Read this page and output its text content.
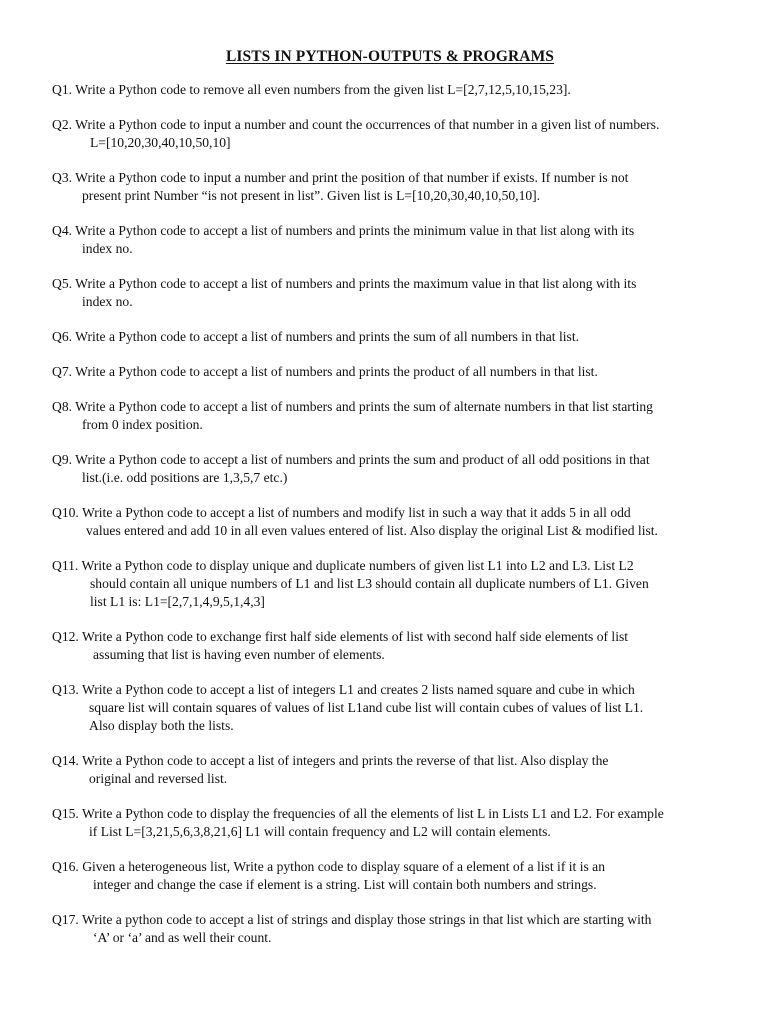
LISTS IN PYTHON-OUTPUTS & PROGRAMS
Q1. Write a Python code to remove all even numbers from the given list L=[2,7,12,5,10,15,23].
Q2. Write a Python code to input a number and count the occurrences of that number in a given list of numbers.
L=[10,20,30,40,10,50,10]
Q3. Write a Python code to input a number and print the position of that number if exists. If number is not
present print Number “is not present in list”. Given list is L=[10,20,30,40,10,50,10].
Q4. Write a Python code to accept a list of numbers and prints the minimum value in that list along with its
index no.
Q5. Write a Python code to accept a list of numbers and prints the maximum value in that list along with its
index no.
Q6. Write a Python code to accept a list of numbers and prints the sum of all numbers in that list.
Q7. Write a Python code to accept a list of numbers and prints the product of all numbers in that list.
Q8. Write a Python code to accept a list of numbers and prints the sum of alternate numbers in that list starting
from 0 index position.
Q9. Write a Python code to accept a list of numbers and prints the sum and product of all odd positions in that
list.(i.e. odd positions are 1,3,5,7 etc.)
Q10. Write a Python code to accept a list of numbers and modify list in such a way that it adds 5 in all odd
values entered and add 10 in all even values entered of list. Also display the original List & modified list.
Q11. Write a Python code to display unique and duplicate numbers of given list L1 into L2 and L3. List L2
should contain all unique numbers of L1 and list L3 should contain all duplicate numbers of L1. Given
list L1 is: L1=[2,7,1,4,9,5,1,4,3]
Q12. Write a Python code to exchange first half side elements of list with second half side elements of list
assuming that list is having even number of elements.
Q13. Write a Python code to accept a list of integers L1 and creates 2 lists named square and cube in which
square list will contain squares of values of list L1and cube list will contain cubes of values of list L1.
Also display both the lists.
Q14. Write a Python code to accept a list of integers and prints the reverse of that list. Also display the
original and reversed list.
Q15. Write a Python code to display the frequencies of all the elements of list L in Lists L1 and L2. For example
if List L=[3,21,5,6,3,8,21,6] L1 will contain frequency and L2 will contain elements.
Q16. Given a heterogeneous list, Write a python code to display square of a element of a list if it is an
integer and change the case if element is a string. List will contain both numbers and strings.
Q17. Write a python code to accept a list of strings and display those strings in that list which are starting with
‘A’ or ‘a’ and as well their count.
